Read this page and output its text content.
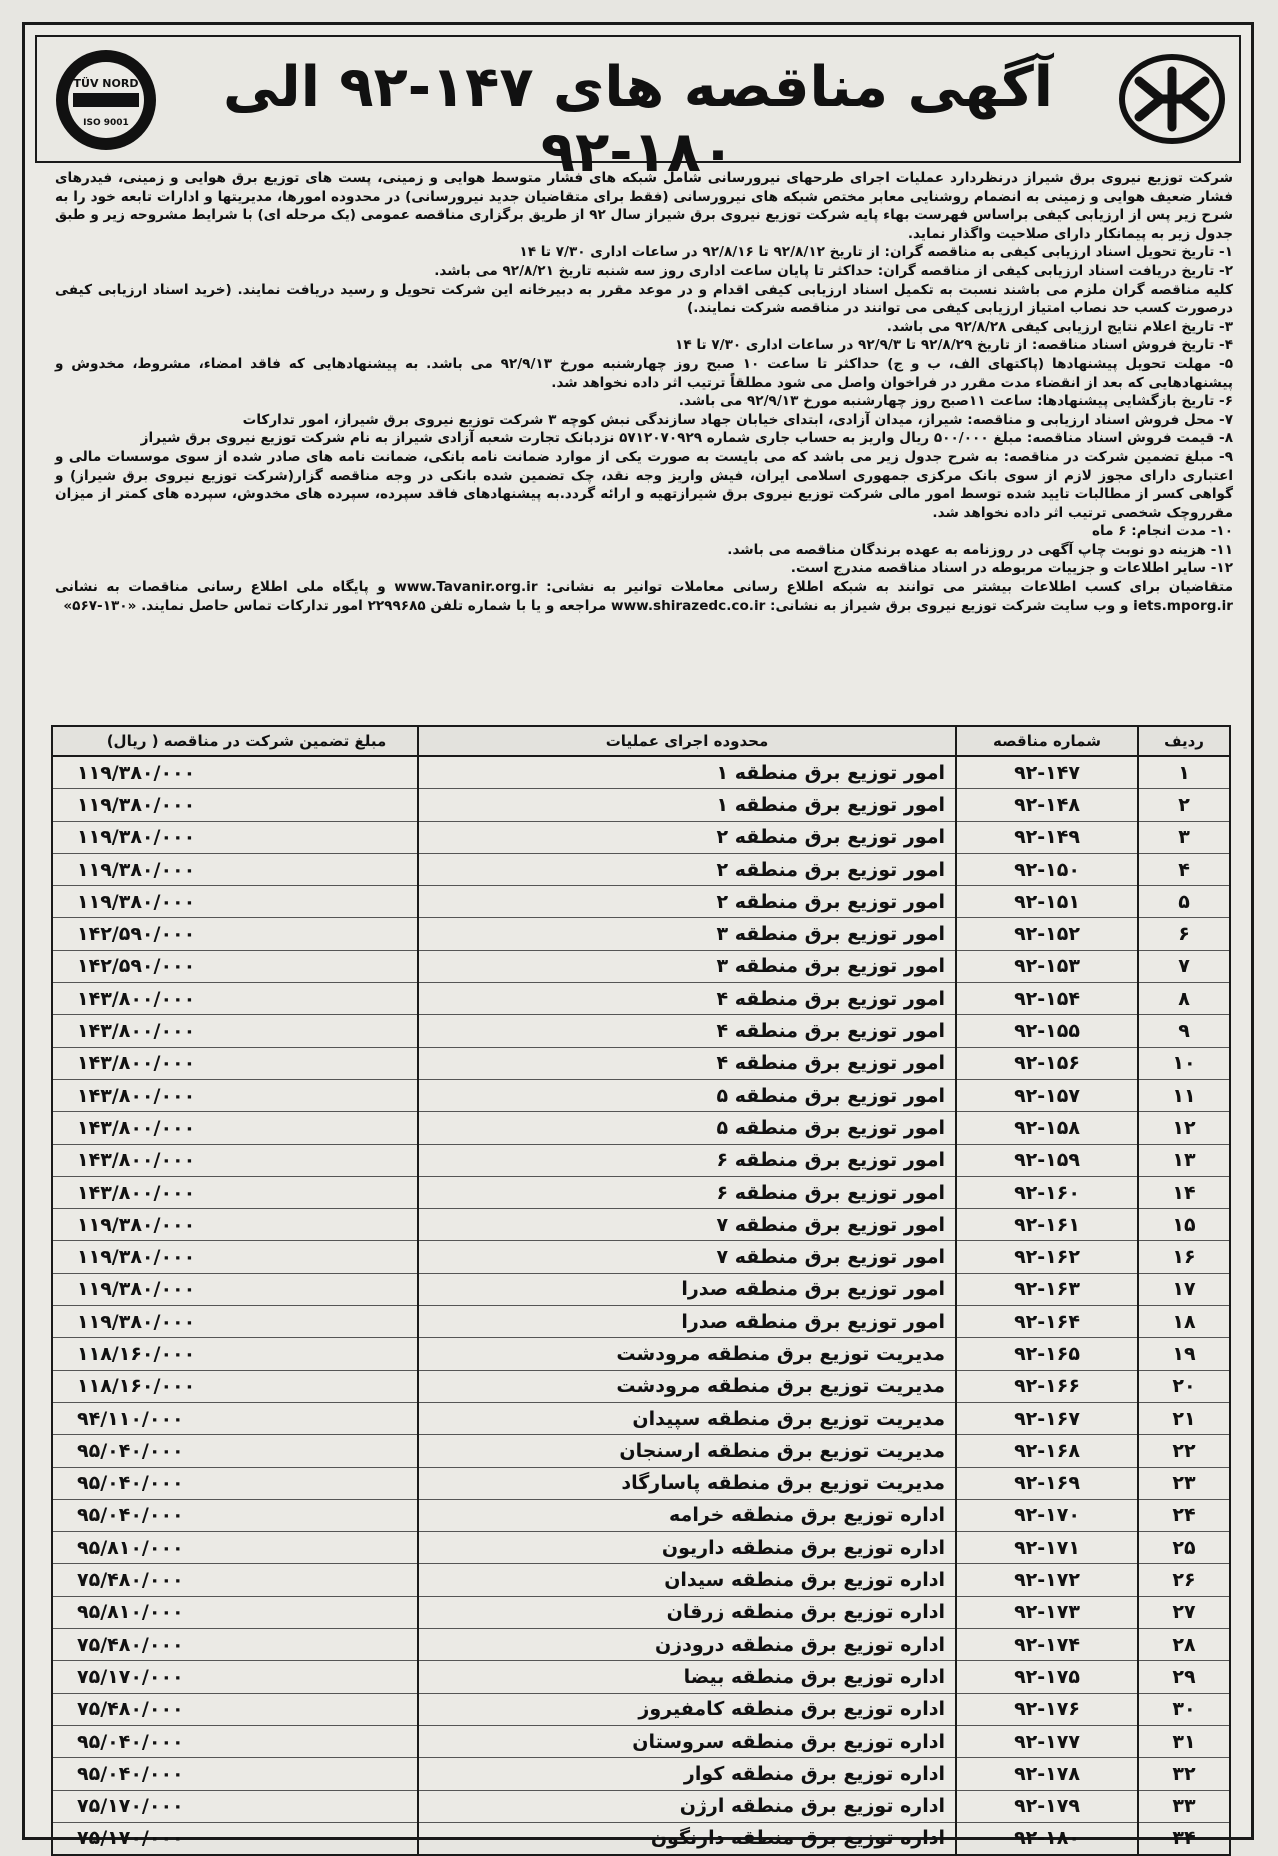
TÜV NORD
ISO 9001
آگهی مناقصه های ۱۴۷-۹۲ الی ۱۸۰-۹۲

شرکت توزیع نیروی برق شیراز درنظردارد عملیات اجرای طرحهای نیرورسانی شامل شبکه های فشار متوسط هوایی و زمینی، پست های توزیع برق هوایی و زمینی، فیدرهای فشار ضعیف هوایی و زمینی به انضمام روشنایی معابر مختص شبکه های نیرورسانی (فقط برای متقاضیان جدید نیرورسانی) در محدوده امورها، مدیریتها و ادارات تابعه خود را به شرح زیر پس از ارزیابی کیفی براساس فهرست بهاء پایه شرکت توزیع نیروی برق شیراز سال ۹۲ از طریق برگزاری مناقصه عمومی (یک مرحله ای) با شرایط مشروحه زیر و طبق جدول زیر به پیمانکار دارای صلاحیت واگذار نماید.

۱- تاریخ تحویل اسناد ارزیابی کیفی به مناقصه گران: از تاریخ ۹۲/۸/۱۲ تا ۹۲/۸/۱۶ در ساعات اداری ۷/۳۰ تا ۱۴

۲- تاریخ دریافت اسناد ارزیابی کیفی از مناقصه گران: حداکثر تا پایان ساعت اداری روز سه شنبه تاریخ ۹۲/۸/۲۱ می باشد.

کلیه مناقصه گران ملزم می باشند نسبت به تکمیل اسناد ارزیابی کیفی اقدام و در موعد مقرر به دبیرخانه این شرکت تحویل و رسید دریافت نمایند. (خرید اسناد ارزیابی کیفی درصورت کسب حد نصاب امتیاز ارزیابی کیفی می توانند در مناقصه شرکت نمایند.)

۳- تاریخ اعلام نتایج ارزیابی کیفی ۹۲/۸/۲۸ می باشد.

۴- تاریخ فروش اسناد مناقصه: از تاریخ ۹۲/۸/۲۹ تا ۹۲/۹/۳ در ساعات اداری ۷/۳۰ تا ۱۴

۵- مهلت تحویل پیشنهادها (پاکتهای الف، ب و ج) حداکثر تا ساعت ۱۰ صبح روز چهارشنبه مورخ ۹۲/۹/۱۳ می باشد. به پیشنهادهایی که فاقد امضاء، مشروط، مخدوش و پیشنهادهایی که بعد از انقضاء مدت مقرر در فراخوان واصل می شود مطلقاً ترتیب اثر داده نخواهد شد.

۶- تاریخ بازگشایی پیشنهادها: ساعت ۱۱صبح روز چهارشنبه مورخ ۹۲/۹/۱۳ می باشد.

۷- محل فروش اسناد ارزیابی و مناقصه: شیراز، میدان آزادی، ابتدای خیابان جهاد سازندگی نبش کوچه ۳ شرکت توزیع نیروی برق شیراز، امور تدارکات

۸- قیمت فروش اسناد مناقصه: مبلغ ۵۰۰/۰۰۰ ریال واریز به حساب جاری شماره ۵۷۱۲۰۷۰۹۲۹ نزدبانک تجارت شعبه آزادی شیراز به نام شرکت توزیع نیروی برق شیراز

۹- مبلغ تضمین شرکت در مناقصه: به شرح جدول زیر می باشد که می بایست به صورت یکی از موارد ضمانت نامه بانکی، ضمانت نامه های صادر شده از سوی موسسات مالی و اعتباری دارای مجوز لازم از سوی بانک مرکزی جمهوری اسلامی ایران، فیش واریز وجه نقد، چک تضمین شده بانکی در وجه مناقصه گزار(شرکت توزیع نیروی برق شیراز) و گواهی کسر از مطالبات تایید شده توسط امور مالی شرکت توزیع نیروی برق شیرازتهیه و ارائه گردد.به پیشنهادهای فاقد سپرده، سپرده های مخدوش، سپرده های کمتر از میزان مقرروچک شخصی ترتیب اثر داده نخواهد شد.

۱۰- مدت انجام: ۶ ماه

۱۱- هزینه دو نوبت چاپ آگهی در روزنامه به عهده برندگان مناقصه می باشد.

۱۲- سایر اطلاعات و جزییات مربوطه در اسناد مناقصه مندرج است.

متقاضیان برای کسب اطلاعات بیشتر می توانند به شبکه اطلاع رسانی معاملات توانیر به نشانی: www.Tavanir.org.ir و پایگاه ملی اطلاع رسانی مناقصات به نشانی iets.mporg.ir و وب سایت شرکت توزیع نیروی برق شیراز به نشانی: www.shirazedc.co.ir مراجعه و یا با شماره تلفن ۲۲۹۹۶۸۵ امور تدارکات تماس حاصل نمایند. «۱۳۰-۵۶۷»

ردیف	شماره مناقصه	محدوده اجرای عملیات	مبلغ تضمین شرکت در مناقصه ( ریال)
۱	۹۲-۱۴۷	امور توزیع برق منطقه ۱	۱۱۹/۳۸۰/۰۰۰
۲	۹۲-۱۴۸	امور توزیع برق منطقه ۱	۱۱۹/۳۸۰/۰۰۰
۳	۹۲-۱۴۹	امور توزیع برق منطقه ۲	۱۱۹/۳۸۰/۰۰۰
۴	۹۲-۱۵۰	امور توزیع برق منطقه ۲	۱۱۹/۳۸۰/۰۰۰
۵	۹۲-۱۵۱	امور توزیع برق منطقه ۲	۱۱۹/۳۸۰/۰۰۰
۶	۹۲-۱۵۲	امور توزیع برق منطقه ۳	۱۴۲/۵۹۰/۰۰۰
۷	۹۲-۱۵۳	امور توزیع برق منطقه ۳	۱۴۲/۵۹۰/۰۰۰
۸	۹۲-۱۵۴	امور توزیع برق منطقه ۴	۱۴۳/۸۰۰/۰۰۰
۹	۹۲-۱۵۵	امور توزیع برق منطقه ۴	۱۴۳/۸۰۰/۰۰۰
۱۰	۹۲-۱۵۶	امور توزیع برق منطقه ۴	۱۴۳/۸۰۰/۰۰۰
۱۱	۹۲-۱۵۷	امور توزیع برق منطقه ۵	۱۴۳/۸۰۰/۰۰۰
۱۲	۹۲-۱۵۸	امور توزیع برق منطقه ۵	۱۴۳/۸۰۰/۰۰۰
۱۳	۹۲-۱۵۹	امور توزیع برق منطقه ۶	۱۴۳/۸۰۰/۰۰۰
۱۴	۹۲-۱۶۰	امور توزیع برق منطقه ۶	۱۴۳/۸۰۰/۰۰۰
۱۵	۹۲-۱۶۱	امور توزیع برق منطقه ۷	۱۱۹/۳۸۰/۰۰۰
۱۶	۹۲-۱۶۲	امور توزیع برق منطقه ۷	۱۱۹/۳۸۰/۰۰۰
۱۷	۹۲-۱۶۳	امور توزیع برق منطقه صدرا	۱۱۹/۳۸۰/۰۰۰
۱۸	۹۲-۱۶۴	امور توزیع برق منطقه صدرا	۱۱۹/۳۸۰/۰۰۰
۱۹	۹۲-۱۶۵	مدیریت توزیع برق منطقه مرودشت	۱۱۸/۱۶۰/۰۰۰
۲۰	۹۲-۱۶۶	مدیریت توزیع برق منطقه مرودشت	۱۱۸/۱۶۰/۰۰۰
۲۱	۹۲-۱۶۷	مدیریت توزیع برق منطقه سپیدان	۹۴/۱۱۰/۰۰۰
۲۲	۹۲-۱۶۸	مدیریت توزیع برق منطقه ارسنجان	۹۵/۰۴۰/۰۰۰
۲۳	۹۲-۱۶۹	مدیریت توزیع برق منطقه پاسارگاد	۹۵/۰۴۰/۰۰۰
۲۴	۹۲-۱۷۰	اداره توزیع برق منطقه خرامه	۹۵/۰۴۰/۰۰۰
۲۵	۹۲-۱۷۱	اداره توزیع برق منطقه داریون	۹۵/۸۱۰/۰۰۰
۲۶	۹۲-۱۷۲	اداره توزیع برق منطقه سیدان	۷۵/۴۸۰/۰۰۰
۲۷	۹۲-۱۷۳	اداره توزیع برق منطقه زرقان	۹۵/۸۱۰/۰۰۰
۲۸	۹۲-۱۷۴	اداره توزیع برق منطقه درودزن	۷۵/۴۸۰/۰۰۰
۲۹	۹۲-۱۷۵	اداره توزیع برق منطقه بیضا	۷۵/۱۷۰/۰۰۰
۳۰	۹۲-۱۷۶	اداره توزیع برق منطقه کامفیروز	۷۵/۴۸۰/۰۰۰
۳۱	۹۲-۱۷۷	اداره توزیع برق منطقه سروستان	۹۵/۰۴۰/۰۰۰
۳۲	۹۲-۱۷۸	اداره توزیع برق منطقه کوار	۹۵/۰۴۰/۰۰۰
۳۳	۹۲-۱۷۹	اداره توزیع برق منطقه ارژن	۷۵/۱۷۰/۰۰۰
۳۴	۹۲-۱۸۰	اداره توزیع برق منطقه دارنگون	۷۵/۱۷۰/۰۰۰
